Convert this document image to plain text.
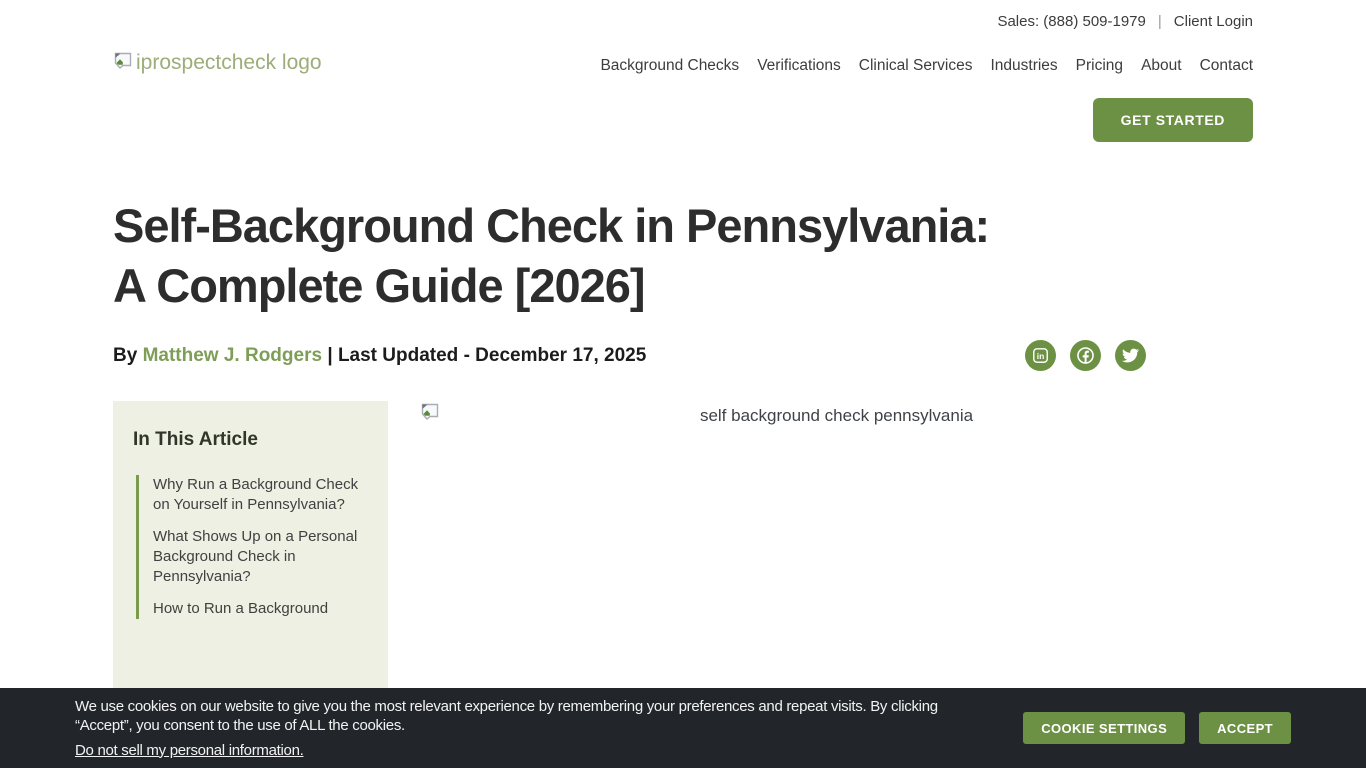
Sales: (888) 509-1979 | Client Login
iprospectcheck logo	Background Checks Verifications Clinical Services Industries Pricing About Contact
GET STARTED
Self-Background Check in Pennsylvania: A Complete Guide [2026]
By Matthew J. Rodgers | Last Updated - December 17, 2025	in
In This Article
Why Run a Background Check on Yourself in Pennsylvania?
What Shows Up on a Personal Background Check in Pennsylvania?
How to Run a Background
self background check pennsylvania

We use cookies on our website to give you the most relevant experience by remembering your preferences and repeat visits. By clicking “Accept”, you consent to the use of ALL the cookies.

Do not sell my personal information.
COOKIE SETTINGS	ACCEPT
